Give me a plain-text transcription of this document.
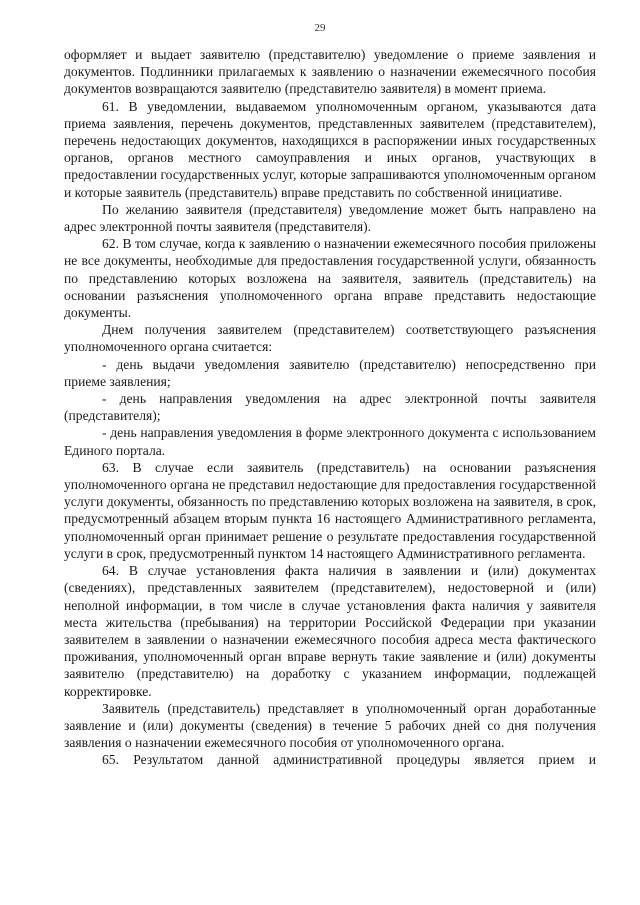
29

оформляет и выдает заявителю (представителю) уведомление о приеме заявления и документов. Подлинники прилагаемых к заявлению о назначении ежемесячного пособия документов возвращаются заявителю (представителю заявителя) в момент приема.

61. В уведомлении, выдаваемом уполномоченным органом, указываются дата приема заявления, перечень документов, представленных заявителем (представителем), перечень недостающих документов, находящихся в распоряжении иных государственных органов, органов местного самоуправления и иных органов, участвующих в предоставлении государственных услуг, которые запрашиваются уполномоченным органом и которые заявитель (представитель) вправе представить по собственной инициативе.

По желанию заявителя (представителя) уведомление может быть направлено на адрес электронной почты заявителя (представителя).

62. В том случае, когда к заявлению о назначении ежемесячного пособия приложены не все документы, необходимые для предоставления государственной услуги, обязанность по представлению которых возложена на заявителя, заявитель (представитель) на основании разъяснения уполномоченного органа вправе представить недостающие документы.

Днем получения заявителем (представителем) соответствующего разъяснения уполномоченного органа считается:

- день выдачи уведомления заявителю (представителю) непосредственно при приеме заявления;

- день направления уведомления на адрес электронной почты заявителя (представителя);

- день направления уведомления в форме электронного документа с использованием Единого портала.

63. В случае если заявитель (представитель) на основании разъяснения уполномоченного органа не представил недостающие для предоставления государственной услуги документы, обязанность по представлению которых возложена на заявителя, в срок, предусмотренный абзацем вторым пункта 16 настоящего Административного регламента, уполномоченный орган принимает решение о результате предоставления государственной услуги в срок, предусмотренный пунктом 14 настоящего Административного регламента.

64. В случае установления факта наличия в заявлении и (или) документах (сведениях), представленных заявителем (представителем), недостоверной и (или) неполной информации, в том числе в случае установления факта наличия у заявителя места жительства (пребывания) на территории Российской Федерации при указании заявителем в заявлении о назначении ежемесячного пособия адреса места фактического проживания, уполномоченный орган вправе вернуть такие заявление и (или) документы заявителю (представителю) на доработку с указанием информации, подлежащей корректировке.

Заявитель (представитель) представляет в уполномоченный орган доработанные заявление и (или) документы (сведения) в течение 5 рабочих дней со дня получения заявления о назначении ежемесячного пособия от уполномоченного органа.

65. Результатом данной административной процедуры является прием и
